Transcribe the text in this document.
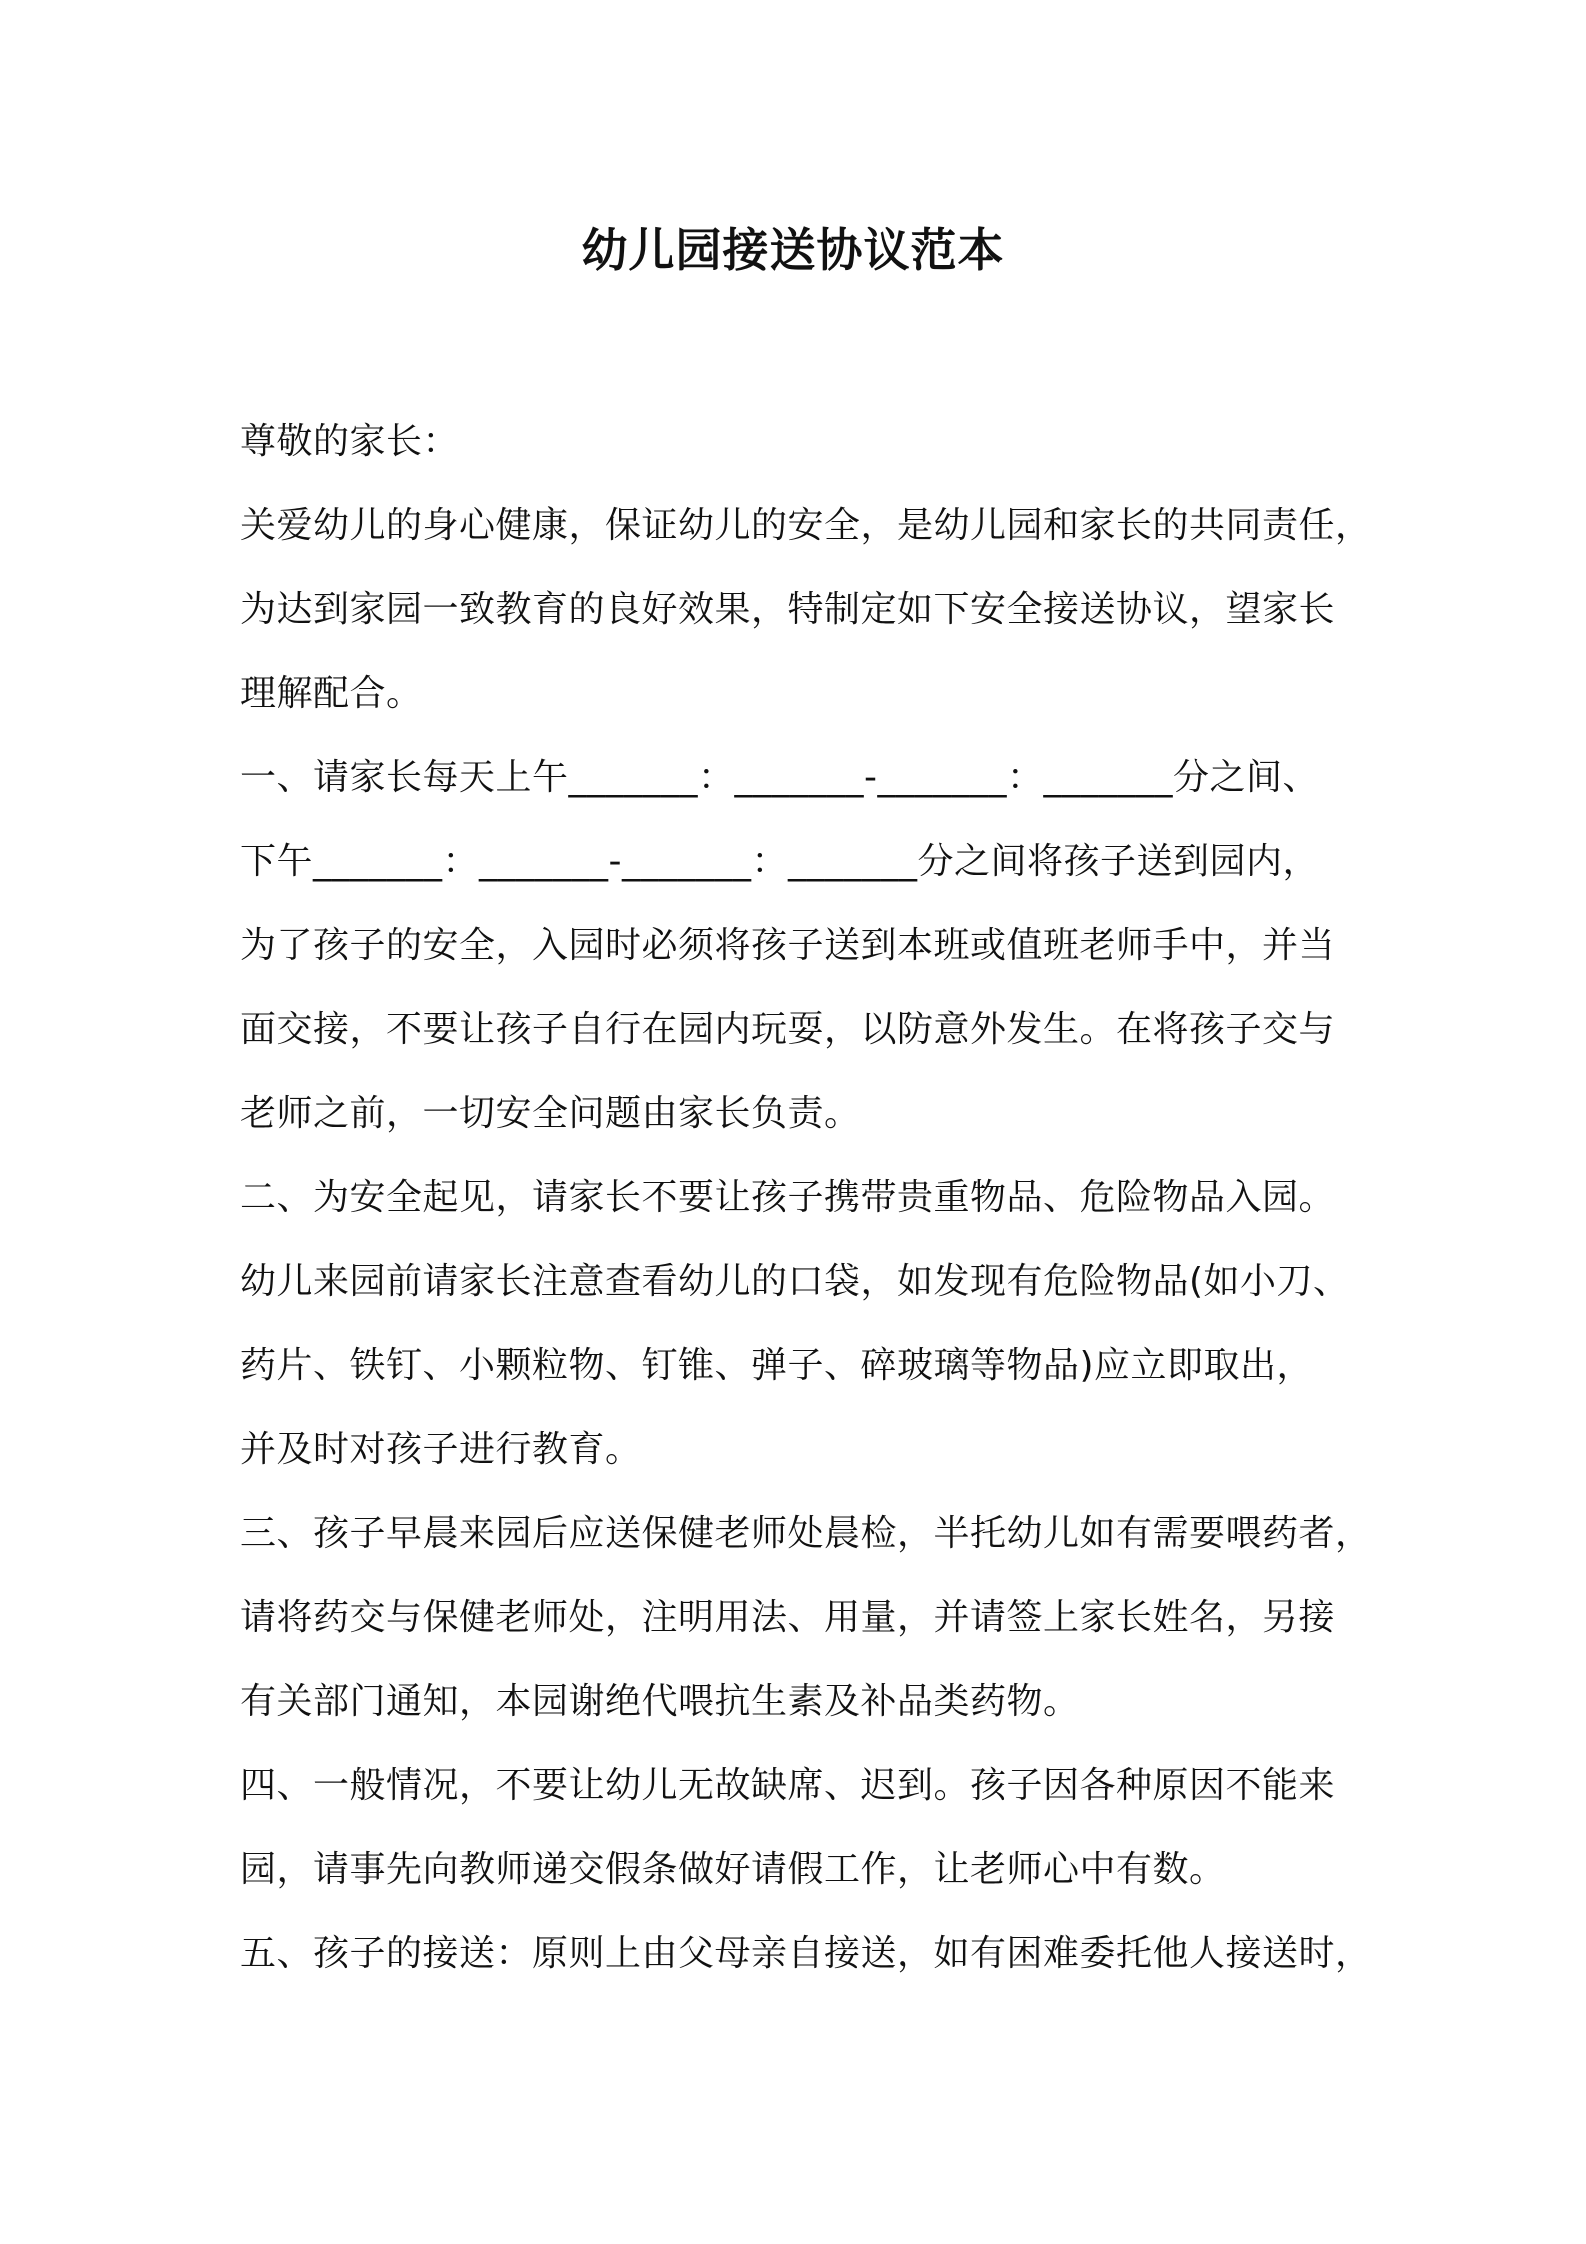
幼儿园接送协议范本
尊敬的家长：
关爱幼儿的身心健康，保证幼儿的安全，是幼儿园和家长的共同责任，
为达到家园一致教育的良好效果，特制定如下安全接送协议，望家长
理解配合。
一、请家长每天上午_______：_______-_______：_______分之间、
下午_______：_______-_______：_______分之间将孩子送到园内，
为了孩子的安全，入园时必须将孩子送到本班或值班老师手中，并当
面交接，不要让孩子自行在园内玩耍，以防意外发生。在将孩子交与
老师之前，一切安全问题由家长负责。
二、为安全起见，请家长不要让孩子携带贵重物品、危险物品入园。
幼儿来园前请家长注意查看幼儿的口袋，如发现有危险物品(如小刀、
药片、铁钉、小颗粒物、钉锥、弹子、碎玻璃等物品)应立即取出，
并及时对孩子进行教育。
三、孩子早晨来园后应送保健老师处晨检，半托幼儿如有需要喂药者，
请将药交与保健老师处，注明用法、用量，并请签上家长姓名，另接
有关部门通知，本园谢绝代喂抗生素及补品类药物。
四、一般情况，不要让幼儿无故缺席、迟到。孩子因各种原因不能来
园，请事先向教师递交假条做好请假工作，让老师心中有数。
五、孩子的接送：原则上由父母亲自接送，如有困难委托他人接送时，
